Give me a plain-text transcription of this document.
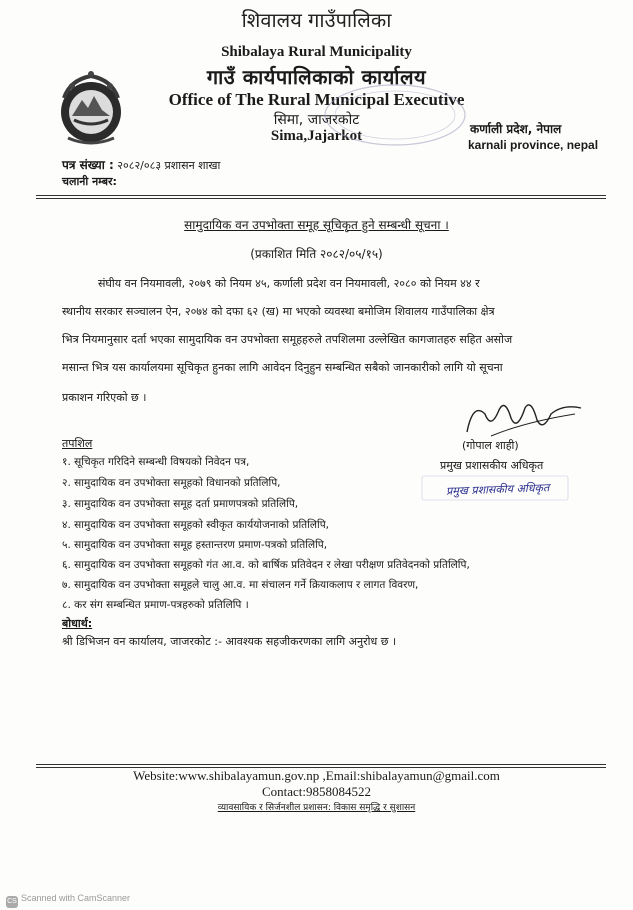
शिवालय गाउँपालिका
Shibalaya Rural Municipality
गाउँ कार्यपालिकाको कार्यालय
Office of The Rural Municipal Executive
सिमा, जाजरकोट
Sima,Jajarkot	कर्णाली प्रदेश, नेपाल
karnali province, nepal
पत्र संख्या : २०८२/०८३ प्रशासन शाखा
चलानी नम्बर:
सामुदायिक वन उपभोक्ता समूह सूचिकृत हुने सम्बन्धी सूचना ।
(प्रकाशित मिति २०८२/०५/१५)
संघीय वन नियमावली, २०७९ को नियम ४५, कर्णाली प्रदेश वन नियमावली, २०८० को नियम ४४ र
स्थानीय सरकार सञ्चालन ऐन, २०७४ को दफा ६२ (ख) मा भएको व्यवस्था बमोजिम शिवालय गाउँपालिका क्षेत्र
भित्र नियमानुसार दर्ता भएका सामुदायिक वन उपभोक्ता समूहहरुले तपशिलमा उल्लेखित कागजातहरु सहित असोज
मसान्त भित्र यस कार्यालयमा सूचिकृत हुनका लागि आवेदन दिनुहुन सम्बन्धित सबैको जानकारीको लागि यो सूचना
प्रकाशन गरिएको छ ।
(गोपाल शाही)
प्रमुख प्रशासकीय अधिकृत
प्रमुख प्रशासकीय अधिकृत
तपशिल
१. सूचिकृत गरिदिने सम्बन्धी विषयको निवेदन पत्र,
२. सामुदायिक वन उपभोक्ता समूहको विधानको प्रतिलिपि,
३. सामुदायिक वन उपभोक्ता समूह दर्ता प्रमाणपत्रको प्रतिलिपि,
४. सामुदायिक वन उपभोक्ता समूहको स्वीकृत कार्ययोजनाको प्रतिलिपि,
५. सामुदायिक वन उपभोक्ता समूह हस्तान्तरण प्रमाण-पत्रको प्रतिलिपि,
६. सामुदायिक वन उपभोक्ता समूहको गंत आ.व. को बार्षिक प्रतिवेदन र लेखा परीक्षण प्रतिवेदनको प्रतिलिपि,
७. सामुदायिक वन उपभोक्ता समूहले चालु आ.व. मा संचालन गर्ने क्रियाकलाप र लागत विवरण,
८. कर संग सम्बन्धित प्रमाण-पत्रहरुको प्रतिलिपि ।
बोधार्थ:
श्री डिभिजन वन कार्यालय, जाजरकोट :- आवश्यक सहजीकरणका लागि अनुरोध छ ।
Website:www.shibalayamun.gov.np ,Email:shibalayamun@gmail.com
Contact:9858084522
व्यावसायिक र सिर्जनशील प्रशासन: विकास समृद्धि र सुशासन
CS Scanned with CamScanner
